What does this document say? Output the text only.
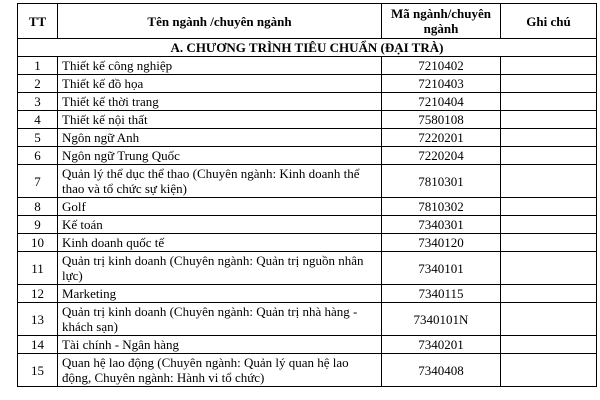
TT	Tên ngành /chuyên ngành	Mã ngành/chuyên ngành	Ghi chú
A. CHƯƠNG TRÌNH TIÊU CHUẨN (ĐẠI TRÀ)			
1	Thiết kế công nghiệp	7210402	
2	Thiết kế đồ họa	7210403	
3	Thiết kế thời trang	7210404	
4	Thiết kế nội thất	7580108	
5	Ngôn ngữ Anh	7220201	
6	Ngôn ngữ Trung Quốc	7220204	
7	Quản lý thể dục thể thao (Chuyên ngành: Kinh doanh thể thao và tổ chức sự kiện)	7810301	
8	Golf	7810302	
9	Kế toán	7340301	
10	Kinh doanh quốc tế	7340120	
11	Quản trị kinh doanh (Chuyên ngành: Quản trị nguồn nhân lực)	7340101	
12	Marketing	7340115	
13	Quản trị kinh doanh (Chuyên ngành: Quản trị nhà hàng - khách sạn)	7340101N	
14	Tài chính - Ngân hàng	7340201	
15	Quan hệ lao động (Chuyên ngành: Quản lý quan hệ lao động, Chuyên ngành: Hành vi tổ chức)	7340408	
